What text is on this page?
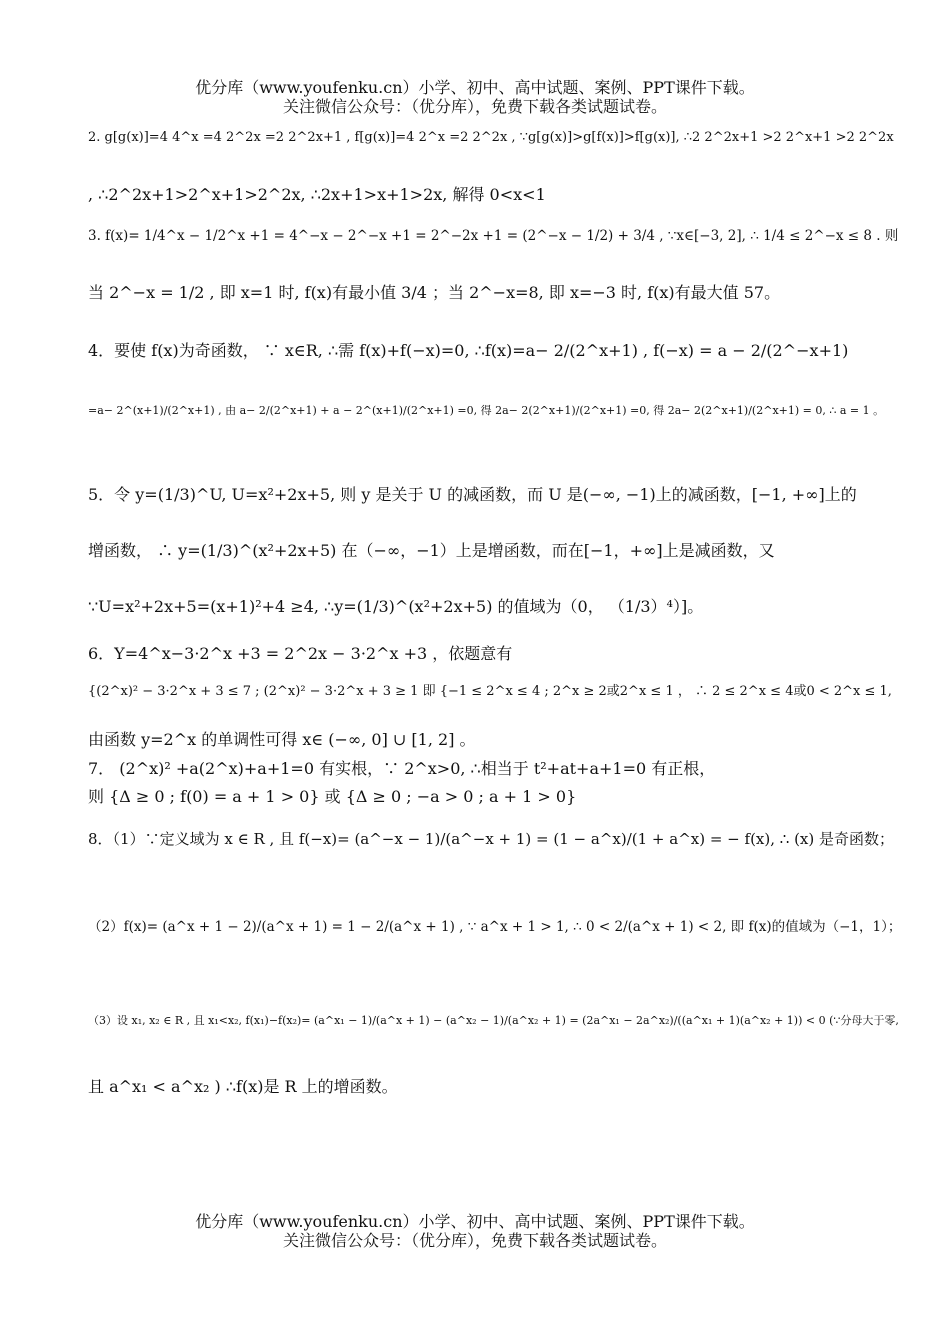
优分库（www.youfenku.cn）小学、初中、高中试题、案例、PPT课件下载。
关注微信公众号：（优分库），免费下载各类试题试卷。
2. g[g(x)]=4 4^x =4 2^2x =2 2^2x+1 , f[g(x)]=4 2^x =2 2^2x , ∵g[g(x)]>g[f(x)]>f[g(x)], ∴2 2^2x+1 >2 2^x+1 >2 2^2x
, ∴2^2x+1>2^x+1>2^2x, ∴2x+1>x+1>2x, 解得 0<x<1
3. f(x)= 1/4^x − 1/2^x +1 = 4^−x − 2^−x +1 = 2^−2x +1 = (2^−x − 1/2) + 3/4 , ∵x∈[−3, 2], ∴ 1/4 ≤ 2^−x ≤ 8 . 则
当 2^−x = 1/2 , 即 x=1 时, f(x)有最小值 3/4 ；当 2^−x=8, 即 x=−3 时, f(x)有最大值 57。
4．要使 f(x)为奇函数， ∵ x∈R, ∴需 f(x)+f(−x)=0, ∴f(x)=a− 2/(2^x+1) , f(−x) = a − 2/(2^−x+1)
=a− 2^(x+1)/(2^x+1) , 由 a− 2/(2^x+1) + a − 2^(x+1)/(2^x+1) =0, 得 2a− 2(2^x+1)/(2^x+1) =0, 得 2a− 2(2^x+1)/(2^x+1) = 0, ∴ a = 1 。
5．令 y=(1/3)^U, U=x²+2x+5, 则 y 是关于 U 的减函数，而 U 是(−∞, −1)上的减函数，[−1, +∞]上的
增函数， ∴ y=(1/3)^(x²+2x+5) 在（−∞，−1）上是增函数，而在[−1，+∞]上是减函数，又
∵U=x²+2x+5=(x+1)²+4 ≥4, ∴y=(1/3)^(x²+2x+5) 的值域为（0， （1/3）⁴）]。
6．Y=4^x−3·2^x +3 = 2^2x − 3·2^x +3 ，依题意有
{(2^x)² − 3·2^x + 3 ≤ 7 ; (2^x)² − 3·2^x + 3 ≥ 1 即 {−1 ≤ 2^x ≤ 4 ; 2^x ≥ 2或2^x ≤ 1 ， ∴ 2 ≤ 2^x ≤ 4或0 < 2^x ≤ 1,
由函数 y=2^x 的单调性可得 x∈ (−∞, 0] ∪ [1, 2] 。
7． (2^x)² +a(2^x)+a+1=0 有实根，∵ 2^x>0, ∴相当于 t²+at+a+1=0 有正根，
则 {Δ ≥ 0 ; f(0) = a + 1 > 0} 或 {Δ ≥ 0 ; −a > 0 ; a + 1 > 0}
8．（1）∵定义域为 x ∈ R , 且 f(−x)= (a^−x − 1)/(a^−x + 1) = (1 − a^x)/(1 + a^x) = − f(x), ∴ (x) 是奇函数；
（2）f(x)= (a^x + 1 − 2)/(a^x + 1) = 1 − 2/(a^x + 1) , ∵ a^x + 1 > 1, ∴ 0 < 2/(a^x + 1) < 2, 即 f(x)的值域为（−1，1）；
（3）设 x₁, x₂ ∈ R , 且 x₁<x₂, f(x₁)−f(x₂)= (a^x₁ − 1)/(a^x + 1) − (a^x₂ − 1)/(a^x₂ + 1) = (2a^x₁ − 2a^x₂)/((a^x₁ + 1)(a^x₂ + 1)) < 0 (∵分母大于零,
且 a^x₁ < a^x₂ ) ∴f(x)是 R 上的增函数。
优分库（www.youfenku.cn）小学、初中、高中试题、案例、PPT课件下载。
关注微信公众号：（优分库），免费下载各类试题试卷。
